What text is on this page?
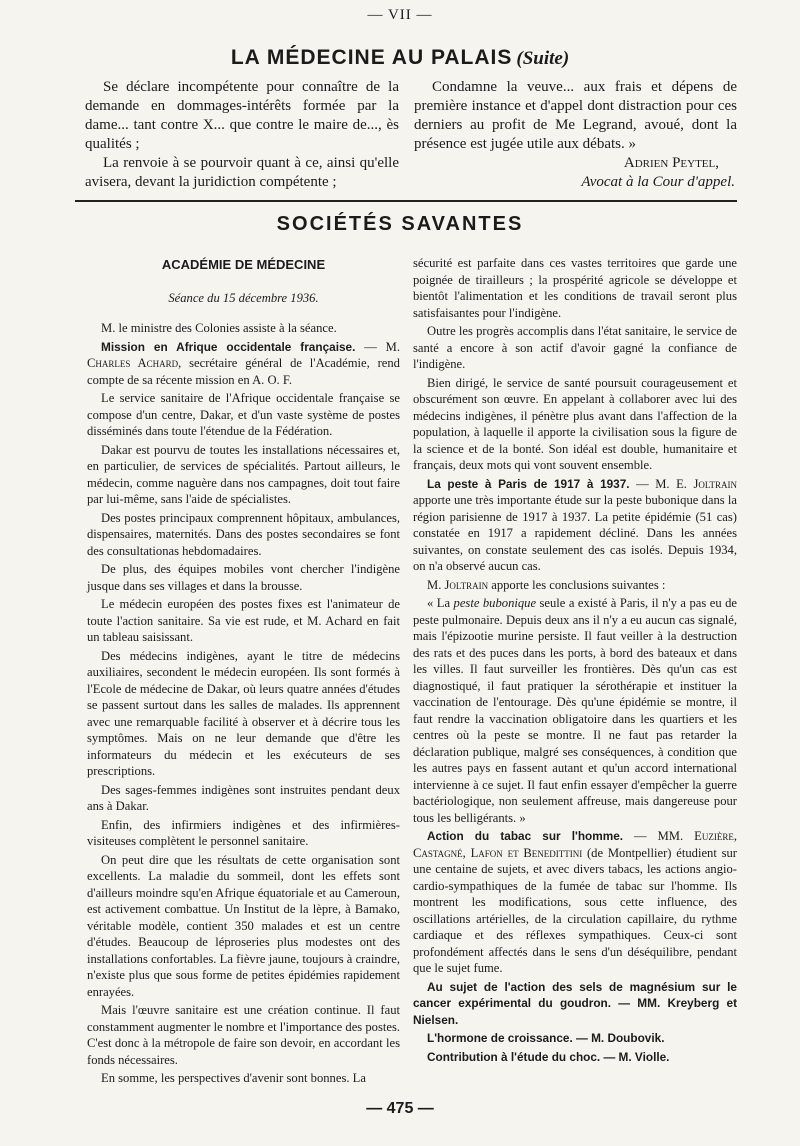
— VII —
LA MÉDECINE AU PALAIS (Suite)

Se déclare incompétente pour connaître de la demande en dommages-intérêts formée par la dame... tant contre X... que contre le maire de..., ès qualités ;

La renvoie à se pourvoir quant à ce, ainsi qu'elle avisera, devant la juridiction compétente ;

Condamne la veuve... aux frais et dépens de première instance et d'appel dont distraction pour ces derniers au profit de Me Legrand, avoué, dont la présence est jugée utile aux débats. »

Adrien Peytel,

Avocat à la Cour d'appel.

SOCIÉTÉS SAVANTES

ACADÉMIE DE MÉDECINE

Séance du 15 décembre 1936.

M. le ministre des Colonies assiste à la séance.

Mission en Afrique occidentale française. — M. Charles Achard, secrétaire général de l'Académie, rend compte de sa récente mission en A. O. F.

Le service sanitaire de l'Afrique occidentale française se compose d'un centre, Dakar, et d'un vaste système de postes disséminés dans toute l'étendue de la Fédération.

Dakar est pourvu de toutes les installations nécessaires et, en particulier, de services de spécialités. Partout ailleurs, le médecin, comme naguère dans nos campagnes, doit tout faire par lui-même, sans l'aide de spécialistes.

Des postes principaux comprennent hôpitaux, ambulances, dispensaires, maternités. Dans des postes secondaires se font des consultationas hebdomadaires.

De plus, des équipes mobiles vont chercher l'indigène jusque dans ses villages et dans la brousse.

Le médecin européen des postes fixes est l'animateur de toute l'action sanitaire. Sa vie est rude, et M. Achard en fait un tableau saisissant.

Des médecins indigènes, ayant le titre de médecins auxiliaires, secondent le médecin européen. Ils sont formés à l'Ecole de médecine de Dakar, où leurs quatre années d'études se passent surtout dans les salles de malades. Ils apprennent avec une remarquable facilité à observer et à décrire tous les symptômes. Mais on ne leur demande que d'être les informateurs du médecin et les exécuteurs de ses prescriptions.

Des sages-femmes indigènes sont instruites pendant deux ans à Dakar.

Enfin, des infirmiers indigènes et des infirmières-visiteuses complètent le personnel sanitaire.

On peut dire que les résultats de cette organisation sont excellents. La maladie du sommeil, dont les effets sont d'ailleurs moindre squ'en Afrique équatoriale et au Cameroun, est activement combattue. Un Institut de la lèpre, à Bamako, véritable modèle, contient 350 malades et est un centre d'études. Beaucoup de léproseries plus modestes ont des installations confortables. La fièvre jaune, toujours à craindre, n'existe plus que sous forme de petites épidémies rapidement enrayées.

Mais l'œuvre sanitaire est une création continue. Il faut constamment augmenter le nombre et l'importance des postes. C'est donc à la métropole de faire son devoir, en accordant les fonds nécessaires.

En somme, les perspectives d'avenir sont bonnes. La

sécurité est parfaite dans ces vastes territoires que garde une poignée de tirailleurs ; la prospérité agricole se développe et bientôt l'alimentation et les conditions de travail seront plus satisfaisantes pour l'indigène.

Outre les progrès accomplis dans l'état sanitaire, le service de santé a encore à son actif d'avoir gagné la confiance de l'indigène.

Bien dirigé, le service de santé poursuit courageusement et obscurément son œuvre. En appelant à collaborer avec lui des médecins indigènes, il pénètre plus avant dans l'affection de la population, à laquelle il apporte la civilisation sous la figure de la science et de la bonté. Son idéal est double, humanitaire et français, deux mots qui vont souvent ensemble.

La peste à Paris de 1917 à 1937. — M. E. Joltrain apporte une très importante étude sur la peste bubonique dans la région parisienne de 1917 à 1937. La petite épidémie (51 cas) constatée en 1917 a rapidement décliné. Dans les années suivantes, on constate seulement des cas isolés. Depuis 1934, on n'a observé aucun cas.

M. Joltrain apporte les conclusions suivantes :

« La peste bubonique seule a existé à Paris, il n'y a pas eu de peste pulmonaire. Depuis deux ans il n'y a eu aucun cas signalé, mais l'épizootie murine persiste. Il faut veiller à la destruction des rats et des puces dans les ports, à bord des bateaux et dans les villes. Il faut surveiller les frontières. Dès qu'un cas est diagnostiqué, il faut pratiquer la sérothérapie et instituer la vaccination de l'entourage. Dès qu'une épidémie se montre, il faut rendre la vaccination obligatoire dans les quartiers et les centres où la peste se montre. Il ne faut pas retarder la déclaration publique, malgré ses conséquences, à condition que les autres pays en fassent autant et qu'un accord international intervienne à ce sujet. Il faut enfin essayer d'empêcher la guerre bactériologique, non seulement affreuse, mais dangereuse pour tous les belligérants. »

Action du tabac sur l'homme. — MM. Euzière, Castagné, Lafon et Benedittini (de Montpellier) étudient sur une centaine de sujets, et avec divers tabacs, les actions angio-cardio-sympathiques de la fumée de tabac sur l'homme. Ils montrent les modifications, sous cette influence, des oscillations artérielles, de la circulation capillaire, du rythme cardiaque et des réflexes sympathiques. Ceux-ci sont profondément affectés dans le sens d'un déséquilibre, pendant que le sujet fume.

Au sujet de l'action des sels de magnésium sur le cancer expérimental du goudron. — MM. Kreyberg et Nielsen.

L'hormone de croissance. — M. Doubovik.

Contribution à l'étude du choc. — M. Violle.

— 475 —
